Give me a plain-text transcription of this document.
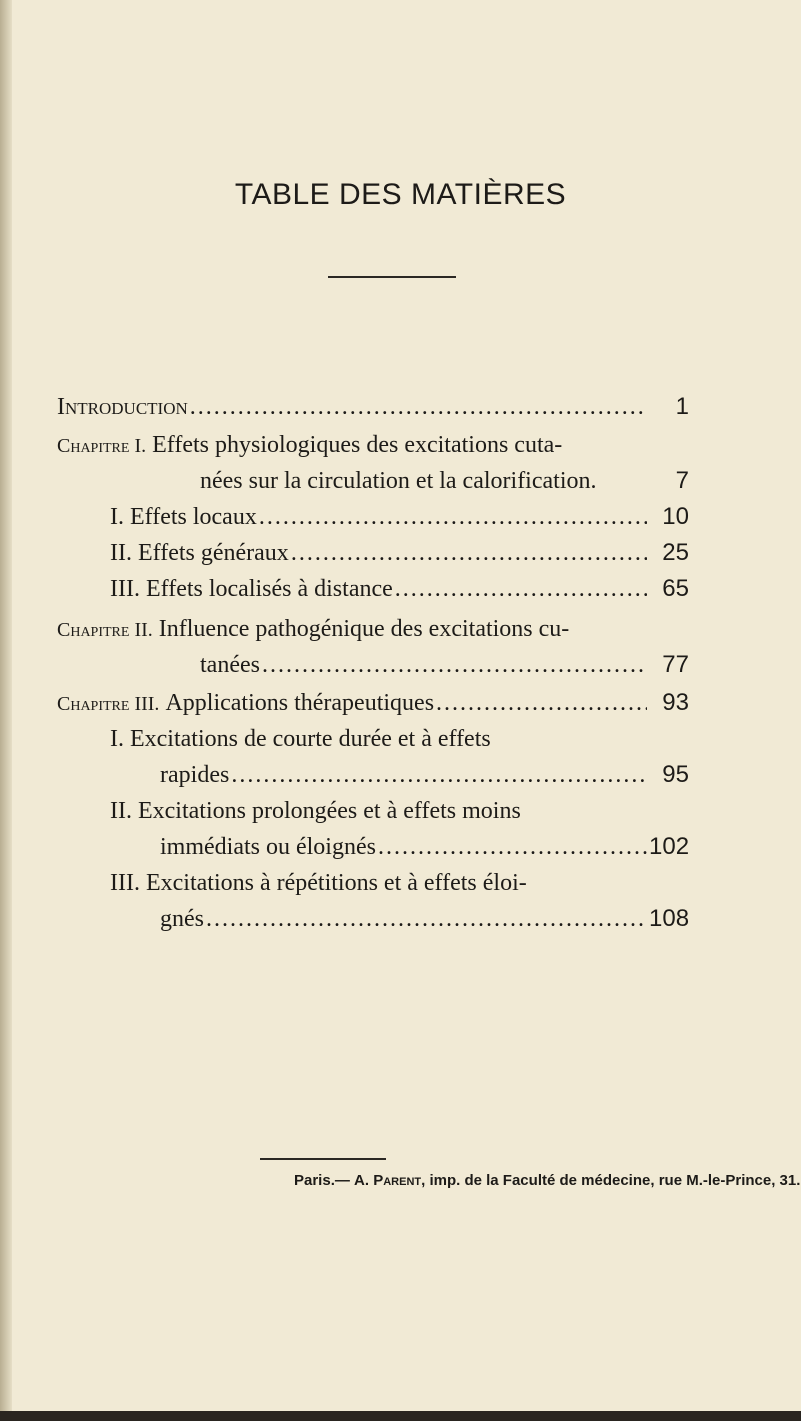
TABLE DES MATIÈRES
Introduction . . .	1
Chapitre I. Effets physiologiques des excitations cuta-
nées sur la circulation et la calorification.	7
I. Effets locaux . . .	10
II. Effets généraux . . .	25
III. Effets localisés à distance . . .	65
Chapitre II. Influence pathogénique des excitations cu-
tanées . . .	77
Chapitre III. Applications thérapeutiques . . .	93
I. Excitations de courte durée et à effets
rapides . . .	95
II. Excitations prolongées et à effets moins
immédiats ou éloignés . . .	102
III. Excitations à répétitions et à effets éloi-
gnés . . .	108
Paris.— A. Parent, imp. de la Faculté de médecine, rue M.-le-Prince, 31.
